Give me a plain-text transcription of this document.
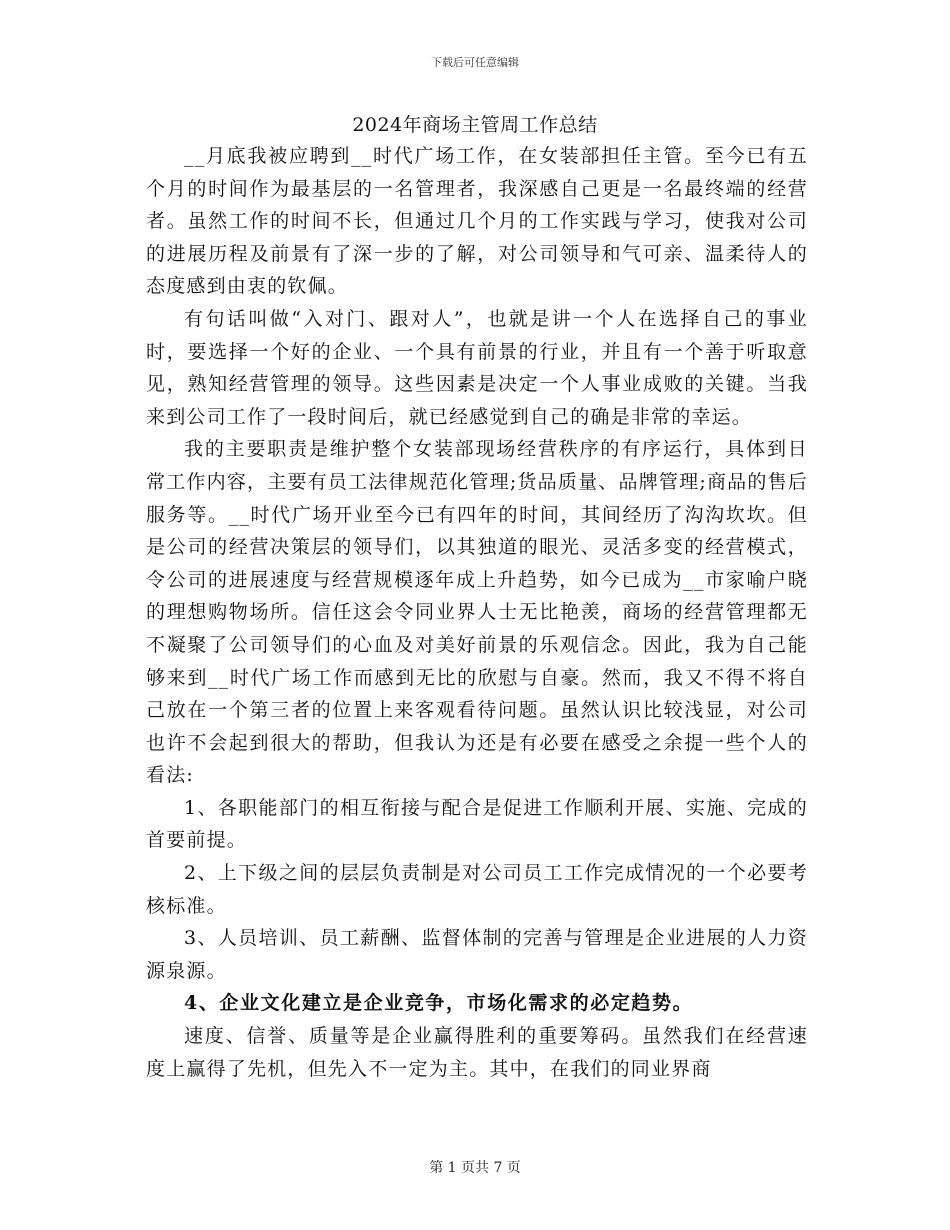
下载后可任意编辑
2024年商场主管周工作总结

__月底我被应聘到__时代广场工作，在女装部担任主管。至今已有五个月的时间作为最基层的一名管理者，我深感自己更是一名最终端的经营者。虽然工作的时间不长，但通过几个月的工作实践与学习，使我对公司的进展历程及前景有了深一步的了解，对公司领导和气可亲、温柔待人的态度感到由衷的钦佩。

有句话叫做“入对门、跟对人”，也就是讲一个人在选择自己的事业时，要选择一个好的企业、一个具有前景的行业，并且有一个善于听取意见，熟知经营管理的领导。这些因素是决定一个人事业成败的关键。当我来到公司工作了一段时间后，就已经感觉到自己的确是非常的幸运。

我的主要职责是维护整个女装部现场经营秩序的有序运行，具体到日常工作内容，主要有员工法律规范化管理;货品质量、品牌管理;商品的售后服务等。__时代广场开业至今已有四年的时间，其间经历了沟沟坎坎。但是公司的经营决策层的领导们，以其独道的眼光、灵活多变的经营模式，令公司的进展速度与经营规模逐年成上升趋势，如今已成为__市家喻户晓的理想购物场所。信任这会令同业界人士无比艳羡，商场的经营管理都无不凝聚了公司领导们的心血及对美好前景的乐观信念。因此，我为自己能够来到__时代广场工作而感到无比的欣慰与自豪。然而，我又不得不将自己放在一个第三者的位置上来客观看待问题。虽然认识比较浅显，对公司也许不会起到很大的帮助，但我认为还是有必要在感受之余提一些个人的看法:

1、各职能部门的相互衔接与配合是促进工作顺利开展、实施、完成的首要前提。

2、上下级之间的层层负责制是对公司员工工作完成情况的一个必要考核标准。

3、人员培训、员工薪酬、监督体制的完善与管理是企业进展的人力资源泉源。

4、企业文化建立是企业竞争，市场化需求的必定趋势。

速度、信誉、质量等是企业赢得胜利的重要筹码。虽然我们在经营速度上赢得了先机，但先入不一定为主。其中，在我们的同业界商

第 1 页共 7 页
